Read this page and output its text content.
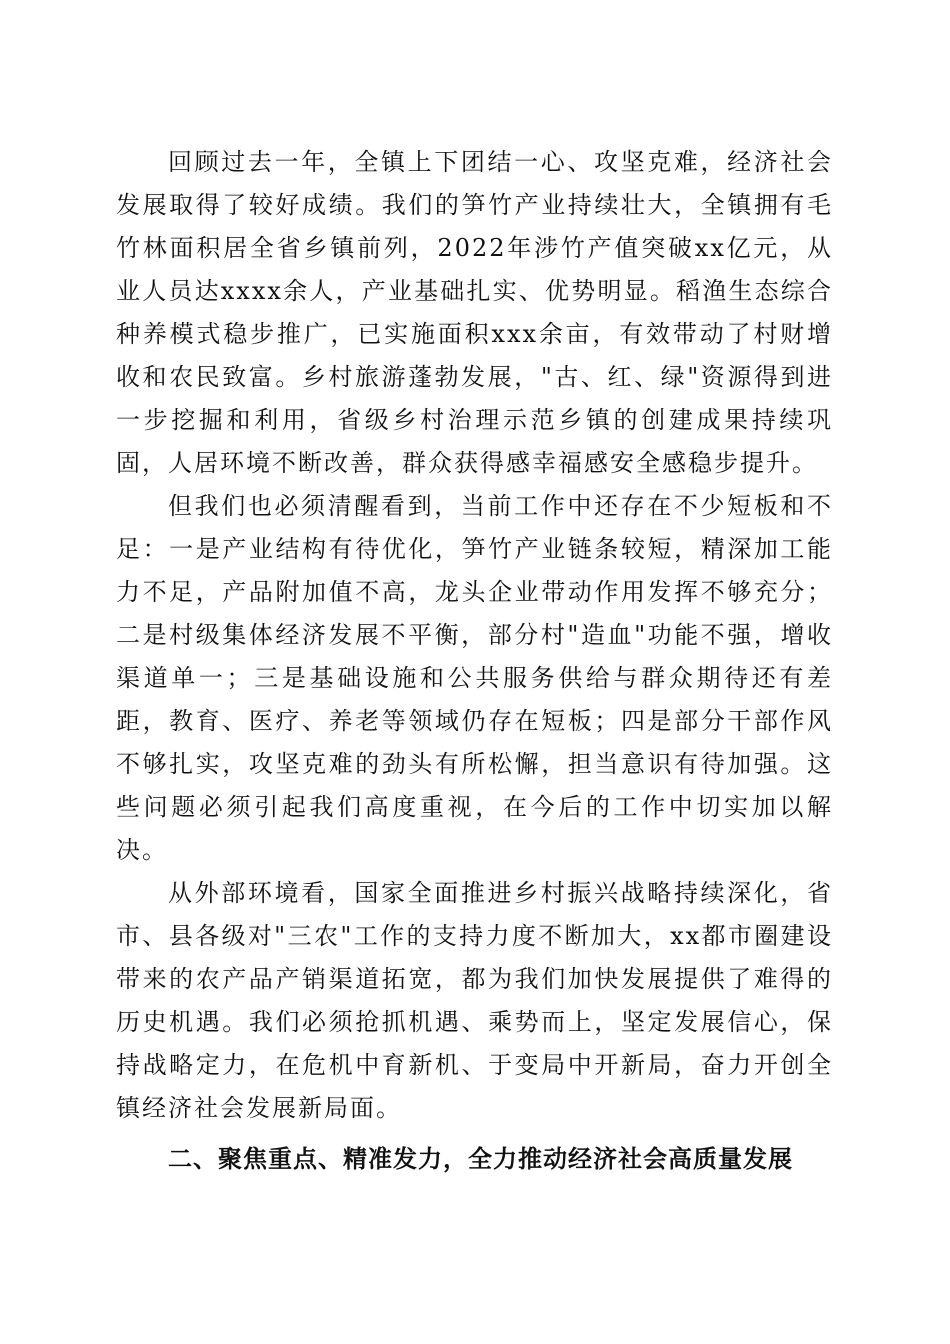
回顾过去一年，全镇上下团结一心、攻坚克难，经济社会发展取得了较好成绩。我们的笋竹产业持续壮大，全镇拥有毛竹林面积居全省乡镇前列，2022年涉竹产值突破xx亿元，从业人员达xxxx余人，产业基础扎实、优势明显。稻渔生态综合种养模式稳步推广，已实施面积xxx余亩，有效带动了村财增收和农民致富。乡村旅游蓬勃发展，"古、红、绿"资源得到进一步挖掘和利用，省级乡村治理示范乡镇的创建成果持续巩固，人居环境不断改善，群众获得感幸福感安全感稳步提升。

但我们也必须清醒看到，当前工作中还存在不少短板和不足：一是产业结构有待优化，笋竹产业链条较短，精深加工能力不足，产品附加值不高，龙头企业带动作用发挥不够充分；二是村级集体经济发展不平衡，部分村"造血"功能不强，增收渠道单一；三是基础设施和公共服务供给与群众期待还有差距，教育、医疗、养老等领域仍存在短板；四是部分干部作风不够扎实，攻坚克难的劲头有所松懈，担当意识有待加强。这些问题必须引起我们高度重视，在今后的工作中切实加以解决。

从外部环境看，国家全面推进乡村振兴战略持续深化，省市、县各级对"三农"工作的支持力度不断加大，xx都市圈建设带来的农产品产销渠道拓宽，都为我们加快发展提供了难得的历史机遇。我们必须抢抓机遇、乘势而上，坚定发展信心，保持战略定力，在危机中育新机、于变局中开新局，奋力开创全镇经济社会发展新局面。

二、聚焦重点、精准发力，全力推动经济社会高质量发展
